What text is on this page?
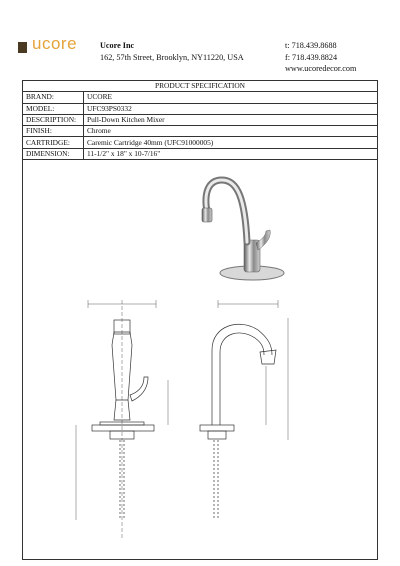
ucore	Ucore Inc
162, 57th Street, Brooklyn, NY11220, USA
t: 718.439.8688
f: 718.439.8824
www.ucoredecor.com
PRODUCT SPECIFICATION	
BRAND:	UCORE
MODEL:	UFC93PS0332
DESCRIPTION:	Pull-Down Kitchen Mixer
FINISH:	Chrome
CARTRIDGE:	Caremic Cartridge 40mm (UFC91000005)
DIMENSION:	11-1/2" x 18" x 10-7/16"
